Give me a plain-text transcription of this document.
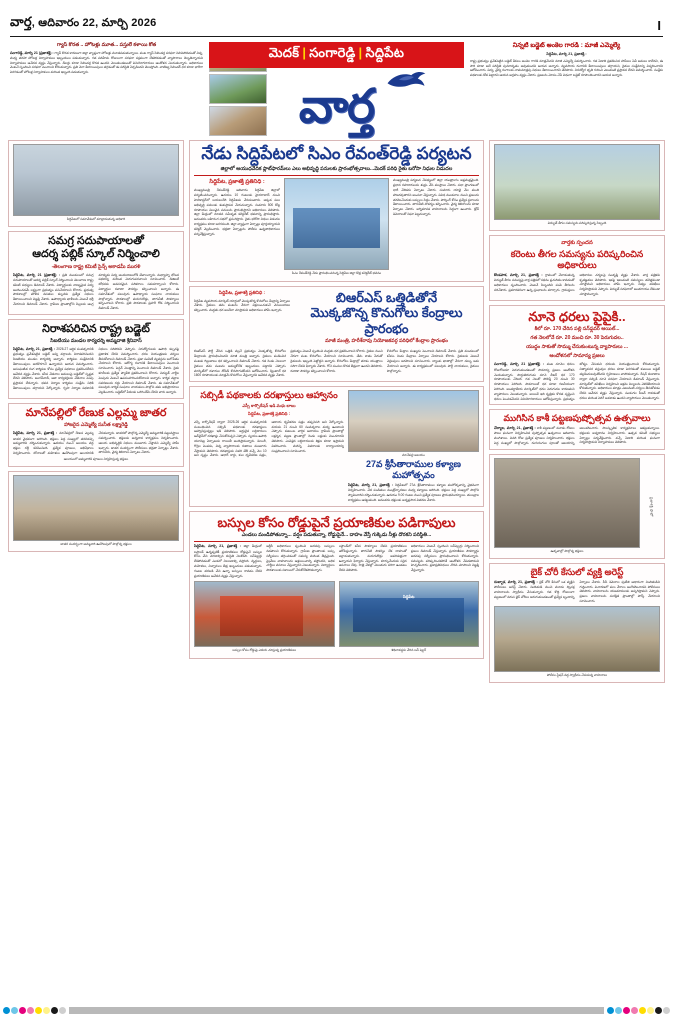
వార్త, ఆదివారం 22, మార్చి 2026	I
గ్యాస్ కొరత .. హోటళ్లు మూత... పస్తులే కళాయి కోత
సంగారెడ్డి, మార్చి 21 (ప్రజాశక్తి) : గ్యాస్ కొరత కారణంగా జిల్లా వ్యాప్తంగా హోటళ్లు మూతపడుతున్నాయి. వంట గ్యాస్ సిలిండర్ల సరఫరా నిలిచిపోవడంతో చిన్న, మధ్య తరహా హోటళ్ల నిర్వాహకులు ఇబ్బందులు పడుతున్నారు. గత పదిహేను రోజులుగా సరఫరా సక్రమంగా లేకపోవడంతో వ్యాపారాలు దెబ్బతిన్నాయని నిర్వాహకులు ఆవేదన వ్యక్తం చేస్తున్నారు. డీలర్లు కూడా సిలిండర్ల కొరత ఉందని చెబుతుండటంతో వినియోగదారులు ఆందోళన చెందుతున్నారు. అధికారులు వెంటనే స్పందించి సరఫరా పెంచాలని కోరుతున్నారు. ప్రతి నెలా కేటాయింపులు తగ్గడంతో ఈ పరిస్థితి ఏర్పడిందని తెలుస్తోంది. వాణిజ్య సిలిండర్ ధర కూడా భారీగా పెరగడంతో హోటళ్ల నిర్వాహకులు మరింత ఇబ్బంది పడుతున్నారు.
మెదక్ | సంగారెడ్డి | సిద్దిపేట
వార్త
నిన్నటి బడ్జెట్ అంకెల గారడి : మాజీ ఎమ్మెల్యే
సిద్దిపేట, మార్చి 21, ప్రజాశక్తి :
రాష్ట్ర ప్రభుత్వం ప్రవేశపెట్టిన బడ్జెట్ కేవలం అంకెల గారడి మాత్రమేనని మాజీ ఎమ్మెల్యే విమర్శించారు. గత ఏడాది ప్రకటించిన హామీలు ఏవీ అమలు కాలేదని, ఈ సారి కూడా అదే పరిస్థితి పునరావృతం అవుతుందని ఆయన అన్నారు. వ్యవసాయ రంగానికి కేటాయింపులు తగ్గాయని, రైతుల సంక్షేమాన్ని విస్మరించారని ఆరోపించారు. విద్య, వైద్య రంగాలకు నామమాత్రపు నిధులు కేటాయించారని తెలిపారు. నిరుద్యోగ భృతి గురించి ఎటువంటి ప్రస్తావన లేదని విమర్శించారు. సంక్షేమ పథకాలకు కోత పెట్టారని ఆయన ఆగ్రహం వ్యక్తం చేశారు. ప్రజలను మోసం చేసే విధంగా బడ్జెట్ రూపొందించారని ఆయన అన్నారు.
సిద్దిపేటలో సమావేశంలో మాట్లాడుతున్న అధికారి
సమగ్ర సదుపాయాలతో
ఆదర్శ పబ్లిక్ స్కూల్ నిర్మించాలి
-తెలంగాణ రాష్ట్ర కమిటీ సైన్స్ అకాడమీ మురళి
సిద్దిపేట, మార్చి 21 (ప్రజాశక్తి) : ప్రతి మండలంలో సమగ్ర సదుపాయాలతో ఆదర్శ పబ్లిక్ స్కూల్ నిర్మించాలని తెలంగాణ రాష్ట్ర కమిటీ సభ్యులు డిమాండ్ చేశారు. విద్యార్థులకు నాణ్యమైన విద్య అందించడమే లక్ష్యంగా ప్రభుత్వం పనిచేయాలని కోరారు. ప్రభుత్వ పాఠశాలల్లో మౌలిక వసతుల కల్పనకు ప్రత్యేక నిధులు కేటాయించాలని విజ్ఞప్తి చేశారు. ఉపాధ్యాయ ఖాళీలను వెంటనే భర్తీ చేయాలని డిమాండ్ చేశారు. గ్రామీణ ప్రాంతాల్లోని పిల్లలకు ఆంగ్ల మాధ్యమ విద్య అందుబాటులోకి తేవాలన్నారు. మధ్యాహ్న భోజన పథకాన్ని మరింత మెరుగుపరచాలని సూచించారు. డిజిటల్ బోధనకు అవసరమైన పరికరాలు సమకూర్చాలని కోరారు. విద్యార్థుల రవాణా సౌకర్యం కల్పించాలని అన్నారు. ఈ సమావేశంలో పలువురు ఉపాధ్యాయ సంఘాల నాయకులు పాల్గొన్నారు. పాఠశాలల్లో మరుగుదొడ్లు, తాగునీటి సౌకర్యాలు కల్పించాలని కోరారు. ప్రతి పాఠశాలకు ప్రహరీ గోడ నిర్మించాలని డిమాండ్ చేశారు.
నిరాశపరిచిన రాష్ట్ర బడ్జెట్
సిఐటియు మండల కార్యదర్శి అమ్మవాజి శ్రీనివాస్
సిద్దిపేట, మార్చి 21, ప్రజాశక్తి : 2026-27 ఆర్థిక సంవత్సరానికి ప్రభుత్వం ప్రవేశపెట్టిన బడ్జెట్ అన్ని వర్గాలను నిరాశపరిచిందని సిఐటియు మండల కార్యదర్శి అన్నారు. కార్మికుల సంక్షేమానికి కేటాయింపులు అరకొరగానే ఉన్నాయని ఆయన విమర్శించారు. అసంఘటిత రంగ కార్మికుల కోసం ప్రత్యేక పథకాలు ప్రకటించలేదని ఆవేదన వ్యక్తం చేశారు. కనీస వేతనాల అమలుపై బడ్జెట్‌లో స్పష్టత లేదని తెలిపారు. అంగన్‌వాడీ, ఆశా కార్యకర్తలకు వేతనాల పెంపు ప్రస్తావన లేదన్నారు. భవన నిర్మాణ కార్మికుల సంక్షేమ నిధికి కేటాయింపులు తగ్గాయని పేర్కొన్నారు. గృహ నిర్మాణ పథకానికి నిధులు సరిపోవని చెప్పారు. నిరుద్యోగులకు ఉపాధి కల్పనపై ప్రణాళిక లేదని విమర్శించారు. ధరల నియంత్రణకు చర్యలు తీసుకోవాలని డిమాండ్ చేశారు. ప్రజా పంపిణీ వ్యవస్థను బలోపేతం చేయాలని కోరారు. ఆరోగ్య రంగానికి కేటాయింపులు పెంచాలని సూచించారు. పెన్షన్ మొత్తాన్ని పెంచాలని డిమాండ్ చేశారు. రైతు కూలీలకు ప్రత్యేక ప్యాకేజీ ప్రకటించాలని కోరారు. విద్యుత్ చార్జీల పెంపును వెంటనే ఉపసంహరించుకోవాలని అన్నారు. కార్మిక చట్టాల సవరణలను రద్దు చేయాలని డిమాండ్ చేశారు. ఈ సమావేశంలో పలువురు కార్మిక సంఘాల నాయకులు పాల్గొని తమ అభిప్రాయాలు వెల్లడించారు. బడ్జెట్‌లో పేదలకు ఒరిగిందేమీ లేదని వారు అన్నారు.
మానేపల్లిలో రేణుక ఎల్లమ్మ జాతర
హాజరైన ఎమ్మెల్యే సునీత లక్ష్మారెడ్డి
సిద్దిపేట, మార్చి 21, ప్రజాశక్తి : మానేపల్లిలో రేణుక ఎల్లమ్మ జాతర వైభవంగా జరిగింది. భక్తులు పెద్ద సంఖ్యలో తరలివచ్చి అమ్మవారిని దర్శించుకున్నారు. ఉదయం నుంచే ఆలయం వద్ద భక్తుల రద్దీ కనిపించింది. ప్రత్యేక పూజలు, అభిషేకాలు నిర్వహించారు. బోనాలతో మహిళలు ఊరేగింపుగా ఆలయానికి చేరుకున్నారు. జాతరలో పాల్గొన్న ఎమ్మెల్యే అమ్మవారికి పట్టువస్త్రాలు సమర్పించారు. భక్తులకు అన్నదాన కార్యక్రమం నిర్వహించారు. ఆలయ అభివృద్ధికి నిధులు మంజూరు చేస్తానని ఎమ్మెల్యే హామీ ఇచ్చారు. జాతర సందర్భంగా పోలీసులు భద్రతా ఏర్పాట్లు చేశారు. తాగునీరు, వైద్య శిబిరాలు ఏర్పాటు చేశారు.
ఆలయంలో అమ్మవారికి పూజలు నిర్వహిస్తున్న భక్తులు
జాతర సందర్భంగా అమ్మవారి ఊరేగింపులో పాల్గొన్న భక్తులు
నేడు సిద్దిపేటలో సిఎం రేవంత్‌రెడ్డి పర్యటన
జిల్లాలో ఆయుధవేదిక ప్లాట్‌ఫారమ్‌లు ఎలు అభివృద్ధి పనులకు ప్రారంభోత్సవాలు...మెదక్ పరిధి రైతు బరోసా నిధుల విడుదల
సిద్దిపేట, ప్రజాశక్తి ప్రతినిధి :
ముఖ్యమంత్రి రేవంత్‌రెడ్డి ఆదివారం సిద్దిపేట జిల్లాలో పర్యటించనున్నారు. ఉదయం 10 గంటలకు హైదరాబాద్ నుంచి హెలికాప్టర్‌లో బయలుదేరి సిద్దిపేటకు చేరుకుంటారు. అక్కడ పలు అభివృద్ధి పనులకు శంకుస్థాపన చేయనున్నారు. సుమారు 500 కోట్ల రూపాయల విలువైన పనులను ప్రారంభిస్తారని అధికారులు తెలిపారు. జిల్లా కేంద్రంలో నూతన సమీకృత కలెక్టరేట్ భవనాన్ని ప్రారంభిస్తారు. అనంతరం బహిరంగ సభలో ప్రసంగిస్తారు. రైతు భరోసా నిధుల విడుదల కార్యక్రమం కూడా జరగనుంది. జిల్లా వ్యాప్తంగా ఏర్పాట్లు పూర్తయ్యాయని కలెక్టర్ వెల్లడించారు. భద్రతా ఏర్పాట్లను పోలీసు ఉన్నతాధికారులు పర్యవేక్షిస్తున్నారు.
సిఎం రేవంత్‌రెడ్డి నేడు ప్రారంభించనున్న సిద్దిపేట జిల్లా కొత్త కలెక్టరేట్ భవనం
ముఖ్యమంత్రి పర్యటన నేపథ్యంలో జిల్లా యంత్రాంగం అప్రమత్తమైంది. ప్రధాన రహదారులను శుభ్రం చేసి ముస్తాబు చేశారు. సభా ప్రాంగణంలో భారీ వేదికను ఏర్పాటు చేశారు. సుమారు యాభై వేల మంది హాజరవుతారని అంచనా వేస్తున్నారు. వివిధ మండలాల నుంచి ప్రజలను తరలించేందుకు బస్సులు సిద్ధం చేశారు. పార్కింగ్ కోసం ప్రత్యేక స్థలాలను కేటాయించారు. తాగునీటి సౌకర్యం కల్పించారు. వైద్య శిబిరాలను కూడా ఏర్పాటు చేశారు. అగ్నిమాపక వాహనాలను సిద్ధంగా ఉంచారు. డ్రోన్ కెమెరాలతో నిఘా పెట్టనున్నారు.
సిద్దిపేట, ప్రజాశక్తి ప్రతినిధి :
సిద్దిపేట వ్యవసాయ మార్కెట్ యార్డులో మొక్కజొన్న కొనుగోలు కేంద్రాన్ని ఏర్పాటు చేశారు. రైతులు తమ పంటను నేరుగా విక్రయించుకునే వెసులుబాటు కల్పించారు. మద్దతు ధర అందేలా చూస్తామని అధికారులు హామీ ఇచ్చారు.
బిఆర్‌ఎస్ ఒత్తిడితోనే
మొక్కజొన్న కొనుగోలు కేంద్రాలు ప్రారంభం
మాజీ మంత్రి, హరీశ్‌రావు నియోజకవర్గ పరిధిలో కేంద్రాల ప్రారంభం
బిఆర్‌ఎస్ పార్టీ చేసిన ఒత్తిడి వల్లనే ప్రభుత్వం మొక్కజొన్న కొనుగోలు కేంద్రాలను ప్రారంభించిందని మాజీ మంత్రి అన్నారు. రైతులు పండించిన పంటకు గిట్టుబాటు ధర కల్పించాలని డిమాండ్ చేశారు. గత రెండు నెలలుగా రైతులు తమ పంటను అమ్ముకోలేక ఇబ్బందులు పడ్డారని చెప్పారు. మార్కెట్‌లో దళారుల దోపిడీ కొనసాగుతోందని ఆరోపించారు. క్వింటాల్ ధర 1600 రూపాయలకు మాత్రమే కొనుగోలు చేస్తున్నారని ఆవేదన వ్యక్తం చేశారు.
ప్రభుత్వం వెంటనే స్పందించి మద్దతు ధర ప్రకటించాలని కోరారు. రైతుల నుంచి నేరుగా పంట కొనుగోలు చేయాలని సూచించారు. తేమ శాతం పేరుతో రైతులను ఇబ్బంది పెట్టొద్దని అన్నారు. కొనుగోలు కేంద్రాల్లో తూకం యంత్రాలు సరిగా లేవని ఫిర్యాదు చేశారు. గోనె సంచుల కొరత తీవ్రంగా ఉందని తెలిపారు. రవాణా సౌకర్యం కల్పించాలని కోరారు.
కొనుగోలు కేంద్రాల సంఖ్యను పెంచాలని డిమాండ్ చేశారు. ప్రతి మండలంలో కనీసం రెండు కేంద్రాలు ఏర్పాటు చేయాలని కోరారు. రైతులకు వెంటనే చెల్లింపులు జరపాలని సూచించారు. బ్యాంకు ఖాతాల్లో నేరుగా డబ్బు జమ చేయాలని అన్నారు. ఈ కార్యక్రమంలో పలువురు పార్టీ నాయకులు, రైతులు పాల్గొన్నారు.
సబ్సిడీ పథకాలకు దరఖాస్తులు ఆహ్వానం
ఎస్సీ కార్పొరేషన్ ఇడి మధు బాబు
సిద్దిపేట, ప్రజాశక్తి ప్రతినిధి :
ఎస్సీ కార్పొరేషన్ ద్వారా 2025-26 ఆర్థిక సంవత్సరానికి సంబంధించిన సబ్సిడీ పథకాలకు దరఖాస్తులు ఆహ్వానిస్తున్నట్లు ఇడి తెలిపారు. అర్హులైన లబ్ధిదారులు ఆన్‌లైన్‌లో దరఖాస్తు చేసుకోవచ్చని చెప్పారు. స్వయం ఉపాధి యూనిట్ల ఏర్పాటుకు రాయితీ అందిస్తామన్నారు. డెయిరీ, గొర్రెల పెంపకం, చిన్న వ్యాపారాలకు రుణాలు మంజూరు చేస్తామని తెలిపారు. దరఖాస్తుకు చివరి తేదీ వచ్చే నెల 10 అని స్పష్టం చేశారు. ఆధార్ కార్డు, కుల ధృవీకరణ పత్రం, ఆదాయ ధృవీకరణ పత్రం తప్పనిసరి అని పేర్కొన్నారు. వయసు 21 నుంచి 60 సంవత్సరాల మధ్య ఉండాలని చెప్పారు. కుటుంబ వార్షిక ఆదాయం గ్రామీణ ప్రాంతాల్లో లక్షన్నర, పట్టణ ప్రాంతాల్లో రెండు లక్షలకు మించరాదని తెలిపారు. ఎంపికైన లబ్ధిదారులకు శిక్షణ కూడా ఇస్తామని వివరించారు. మరిన్ని వివరాలకు కార్యాలయాన్ని సంప్రదించాలని సూచించారు.
మానేపల్లి ఆలయం
27వ శ్రీసీతారాముల కళ్యాణ మహోత్సవం
సిద్దిపేట, మార్చి 21, ప్రజాశక్తి : సిద్దిపేటలో 27వ శ్రీసీతారాముల కళ్యాణ మహోత్సవాన్ని వైభవంగా నిర్వహించారు. వేద పండితుల మంత్రోచ్ఛారణల మధ్య కళ్యాణం జరిగింది. భక్తులు పెద్ద సంఖ్యలో పాల్గొని స్వామివారిని దర్శించుకున్నారు. ఉదయం 9.00 గంటల నుంచి ప్రత్యేక పూజలు ప్రారంభమయ్యాయి. తలంబ్రాల కార్యక్రమం ఆకట్టుకుంది. అనంతరం భక్తులకు అన్నప్రసాద వితరణ చేశారు.
బస్సుల కోసం రోడ్డుపైనే ప్రయాణికుల పడిగాపులు
ఎండలు మండిపోతున్నా... వర్షం పడుతున్నా, రోడ్డుపైనే... దాహం వేస్తే గుక్కెడు నీళ్లు దొరకని పరిస్థితి...
సిద్దిపేట, మార్చి 21, ప్రజాశక్తి : జిల్లా కేంద్రంలో బస్టాండ్ ఉన్నప్పటికీ ప్రయాణికులు రోడ్డుపైనే బస్సుల కోసం వేచి చూడాల్సిన దుస్థితి నెలకొంది. బస్‌షెల్టర్లు లేకపోవడంతో ఎండలో నిలబడాల్సి వస్తోంది. వృద్ధులు, మహిళలు, చిన్నారులు తీవ్ర ఇబ్బందులు పడుతున్నారు. గంటల తరబడి వేచి ఉన్నా బస్సులు రావడం లేదని ప్రయాణికులు ఆవేదన వ్యక్తం చేస్తున్నారు.
ఆర్టీసీ అధికారులు స్పందించి అదనపు బస్సులు నడపాలని కోరుతున్నారు. గ్రామీణ ప్రాంతాలకు బస్సు సర్వీసులు తగ్గించడంతో సమస్య మరింత తీవ్రమైంది. ప్రైవేటు వాహనాలను ఆశ్రయించాల్సి వస్తోందని, అధిక చార్జీలు వసూలు చేస్తున్నారని చెబుతున్నారు. విద్యార్థులు పాఠశాలలకు సకాలంలో చేరుకోలేకపోతున్నారు.
బస్టాండ్‌లో కనీస సౌకర్యాలు లేవని ప్రయాణికులు ఆరోపిస్తున్నారు. తాగునీటి సౌకర్యం లేక దాహంతో అల్లాడుతున్నారు. మరుగుదొడ్లు అపరిశుభ్రంగా ఉన్నాయని ఫిర్యాదు చేస్తున్నారు. కూర్చునేందుకు సరైన ఆసనాలు లేవు. రాత్రి వేళల్లో వెలుతురు సరిగా ఉండటం లేదని తెలిపారు.
అధికారులు వెంటనే స్పందించి బస్‌షెల్టర్లు నిర్మించాలని ప్రజలు డిమాండ్ చేస్తున్నారు. ప్రయాణికుల సౌకర్యార్థం అదనపు సర్వీసులు ప్రారంభించాలని కోరుతున్నారు. సమస్యను పరిష్కరించకపోతే ఆందోళన చేపడతామని హెచ్చరించారు. ప్రజాప్రతినిధులు చొరవ చూపాలని విజ్ఞప్తి చేస్తున్నారు.
బస్సుల కోసం రోడ్డుపై ఎదురు చూస్తున్న ప్రయాణికులు
సిద్దిపేట
శిథిలావస్థకు చేరిన బస్ షెల్టర్
విద్యుత్ తీగల సమస్యను పరిష్కరిస్తున్న సిబ్బంది
వార్తకు స్పందన
కరెంటు తీగల సమస్యను పరిష్కరించిన అధికారులు
కొండపాక, మార్చి 21, ప్రజాశక్తి : గ్రామంలో వేలాడుతున్న విద్యుత్ తీగల సమస్యపై వార్త పత్రికలో కథనం ప్రచురితం కావడంతో అధికారులు స్పందించారు. వెంటనే సిబ్బందిని పంపి తీగలను సరిచేశారు. ప్రమాదకరంగా ఉన్న స్తంభాలను మార్చారు. గ్రామస్తులు అధికారుల చర్యలపై సంతృప్తి వ్యక్తం చేశారు. వార్త పత్రికకు కృతజ్ఞతలు తెలిపారు. ఇకపై ఇటువంటి సమస్యలు తలెత్తకుండా చూస్తామని అధికారులు హామీ ఇచ్చారు. నిత్యం తనిఖీలు నిర్వహిస్తామని చెప్పారు. విద్యుత్ సరఫరాలో అంతరాయం లేకుండా చూస్తామన్నారు.
నూనె ధరలు పైపైకి..
కిలో రూ. 170 చేరిన పల్లి సన్‌ఫ్లవర్ ఆయిల్...
గత నెలలోనే రూ. 20 మంచి రూ. 30 పెరుగుదల..
యుద్ధం సాకుతో సొమ్ము చేసుకుంటున్న వ్యాపారులు ...
ఆందోళనలో సామాన్య ప్రజలు
సంగారెడ్డి, మార్చి 21 (ప్రజాశక్తి) : వంట నూనెల ధరలు రోజురోజుకూ పెరుగుతుండటంతో సామాన్య ప్రజలు ఆందోళన చెందుతున్నారు. పొద్దుతిరుగుడు నూనె లీటర్ ధర 170 రూపాయలకు చేరింది. గత నెలతో పోలిస్తే 20 నుంచి 30 రూపాయలు పెరిగింది. పామాయిల్ ధర కూడా గణనీయంగా పెరిగింది. అంతర్జాతీయ మార్కెట్‌లో ధరల పెరుగుదల కారణమని వ్యాపారులు చెబుతున్నారు. అయితే ఇది కృత్రిమ కొరత సృష్టించి ధరలు పెంచడమేనని వినియోగదారులు ఆరోపిస్తున్నారు. ప్రభుత్వం జోక్యం చేసుకుని ధరలను నియంత్రించాలని కోరుతున్నారు. నిత్యావసర వస్తువుల ధరలు కూడా పెరగడంతో కుటుంబ బడ్జెట్ తల్లకిందులవుతోందని గృహిణులు వాపోతున్నారు. రేషన్ దుకాణాల ద్వారా సబ్సిడీ నూనె సరఫరా చేయాలని డిమాండ్ చేస్తున్నారు. మార్కెట్‌లో తనిఖీలు నిర్వహించి అక్రమ నిల్వలను వెలికితీయాలని కోరుతున్నారు. అధికారులు మాత్రం ఎటువంటి చర్యలు తీసుకోవడం లేదని ఆవేదన వ్యక్తం చేస్తున్నారు. పండుగల సీజన్ రావడంతో ధరలు మరింత పెరిగే అవకాశం ఉందని వ్యాపారులు చెబుతున్నారు.
ముగిసిన కాశీ పట్టణపుష్పోత్సవ ఉత్సవాలు
చేర్యాల, మార్చి 21, ప్రజాశక్తి : కాశీ పట్టణంలో మూడు రోజుల పాటు ఘనంగా నిర్వహించిన పుష్పోత్సవ ఉత్సవాలు ఆదివారం ముగిశాయి. చివరి రోజు ప్రత్యేక పూజలు నిర్వహించారు. భక్తులు పెద్ద సంఖ్యలో పాల్గొన్నారు. రంగురంగుల పూలతో ఆలయాన్ని అలంకరించారు. సాంస్కృతిక కార్యక్రమాలు ఆకట్టుకున్నాయి. భక్తులకు అన్నదానం నిర్వహించారు. ఉత్సవ కమిటీ సభ్యులు ఏర్పాట్లు పర్యవేక్షించారు. వచ్చే ఏడాది మరింత ఘనంగా నిర్వహిస్తామని నిర్వాహకులు తెలిపారు.
ఉత్సవాల్లో పాల్గొన్న భక్తులు
ప్రజాశక్తి ఫొటో
బైక్ చోరీ కేసులో వ్యక్తి అరెస్ట్
దుబ్బాక, మార్చి 21, ప్రజాశక్తి : బైక్ చోరీ కేసులో ఒక వ్యక్తిని పోలీసులు అరెస్ట్ చేశారు. నిందితుడి నుంచి మూడు ద్విచక్ర వాహనాలను స్వాధీనం చేసుకున్నారు. గత కొద్ది రోజులుగా పట్టణంలో వరుస బైక్ చోరీలు జరుగుతుండటంతో ప్రత్యేక బృందాన్ని ఏర్పాటు చేశారు. సీసీ కెమెరాల ఫుటేజీ ఆధారంగా నిందితుడిని గుర్తించారు. విచారణలో పలు నేరాలు అంగీకరించాడని పోలీసులు తెలిపారు. వాహనాలను యజమానులకు అప్పగిస్తామని చెప్పారు. ప్రజలు వాహనాలను సురక్షిత ప్రాంతాల్లో పార్క్ చేయాలని సూచించారు.
పోలీసు స్టేషన్ వద్ద స్వాధీనం చేసుకున్న వాహనాలు
